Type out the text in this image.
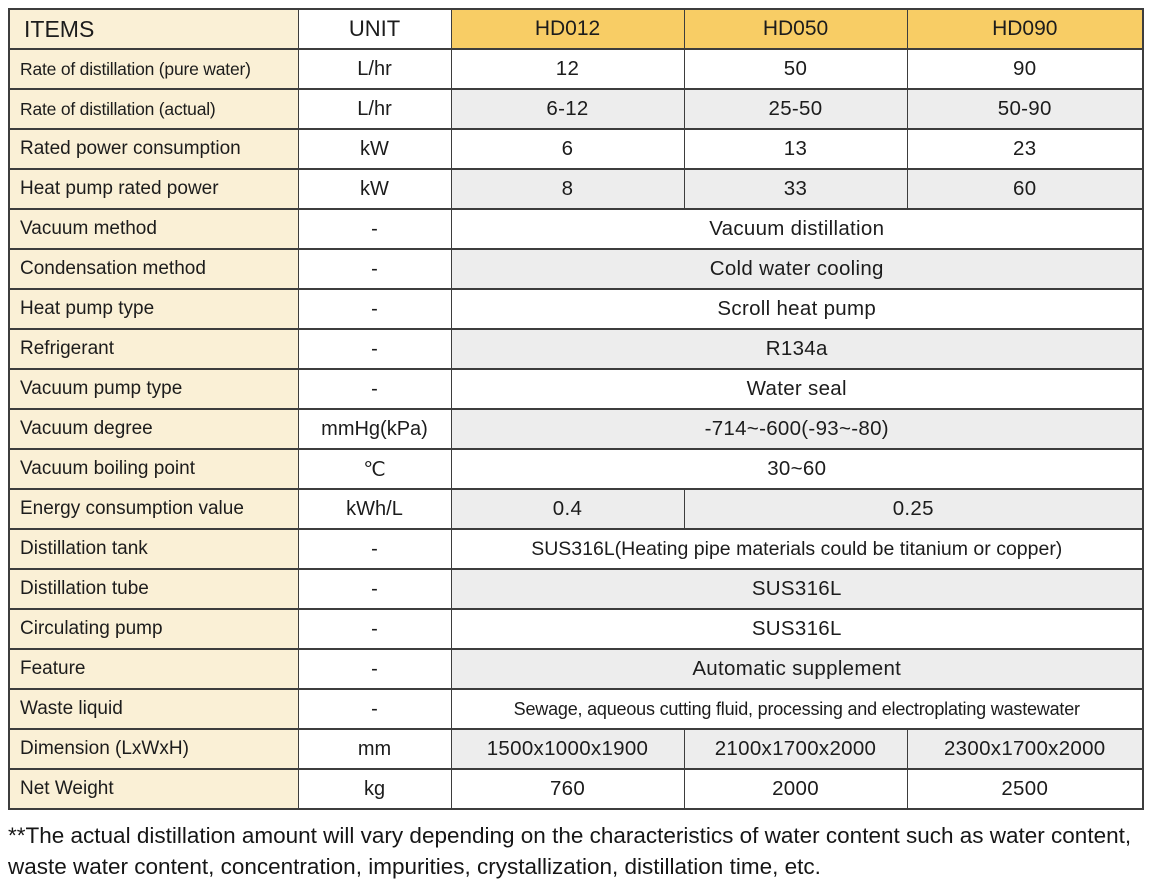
ITEMS	UNIT	HD012	HD050	HD090
Rate of distillation (pure water)	L/hr	12	50	90
Rate of distillation (actual)	L/hr	6-12	25-50	50-90
Rated power consumption	kW	6	13	23
Heat pump rated power	kW	8	33	60
Vacuum method	-	Vacuum distillation		
Condensation method	-	Cold water cooling		
Heat pump type	-	Scroll heat pump		
Refrigerant	-	R134a		
Vacuum pump type	-	Water seal		
Vacuum degree	mmHg(kPa)	-714~-600(-93~-80)		
Vacuum boiling point	℃	30~60		
Energy consumption value	kWh/L	0.4	0.25	
Distillation tank	-	SUS316L(Heating pipe materials could be titanium or copper)		
Distillation tube	-	SUS316L		
Circulating pump	-	SUS316L		
Feature	-	Automatic supplement		
Waste liquid	-	Sewage, aqueous cutting fluid, processing and electroplating wastewater		
Dimension (LxWxH)	mm	1500x1000x1900	2100x1700x2000	2300x1700x2000
Net Weight	kg	760	2000	2500

**The actual distillation amount will vary depending on the characteristics of water content such as water content, waste water content, concentration, impurities, crystallization, distillation time, etc.
